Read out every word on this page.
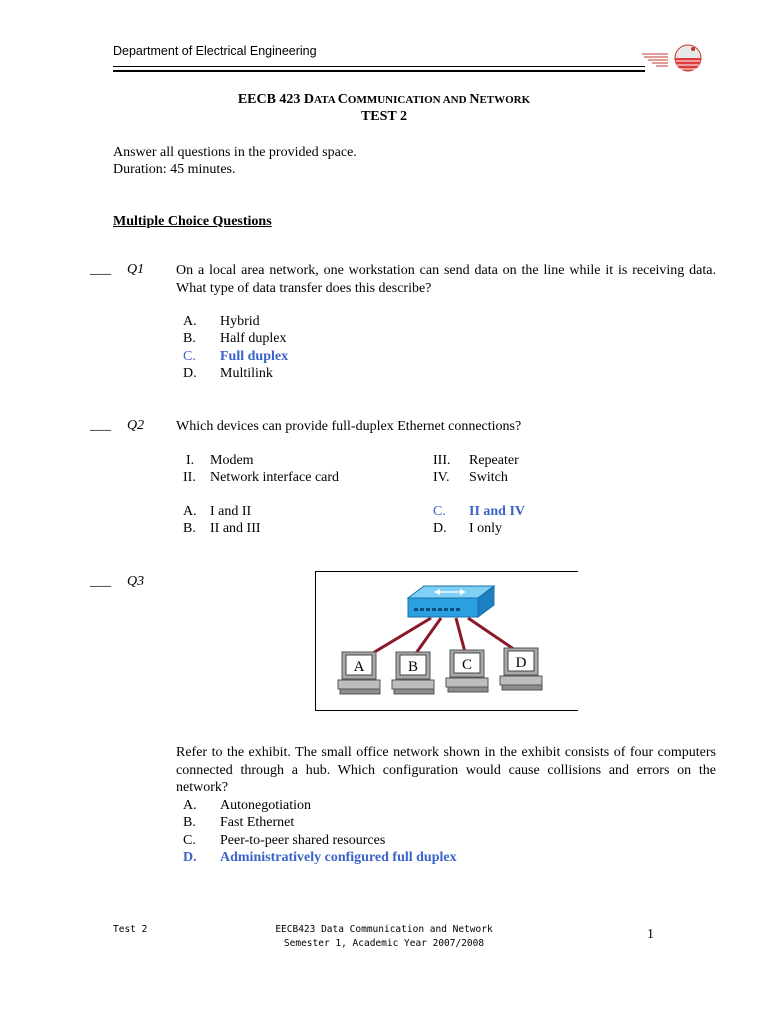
Department of Electrical Engineering
EECB 423 DATA COMMUNICATION AND NETWORK
TEST 2
Answer all questions in the provided space.
Duration: 45 minutes.
Multiple Choice Questions
___ Q1 On a local area network, one workstation can send data on the line while it is receiving data. What type of data transfer does this describe?
A. Hybrid
B. Half duplex
C. Full duplex
D. Multilink
___ Q2 Which devices can provide full-duplex Ethernet connections?
I. Modem
II. Network interface card
III. Repeater
IV. Switch
A. I and II
B. II and III
C. II and IV
D. I only
___ Q3
A	B	C	D
Refer to the exhibit. The small office network shown in the exhibit consists of four computers connected through a hub. Which configuration would cause collisions and errors on the network?
A. Autonegotiation
B. Fast Ethernet
C. Peer-to-peer shared resources
D. Administratively configured full duplex
Test 2	EECB423 Data Communication and Network
Semester 1, Academic Year 2007/2008
1
